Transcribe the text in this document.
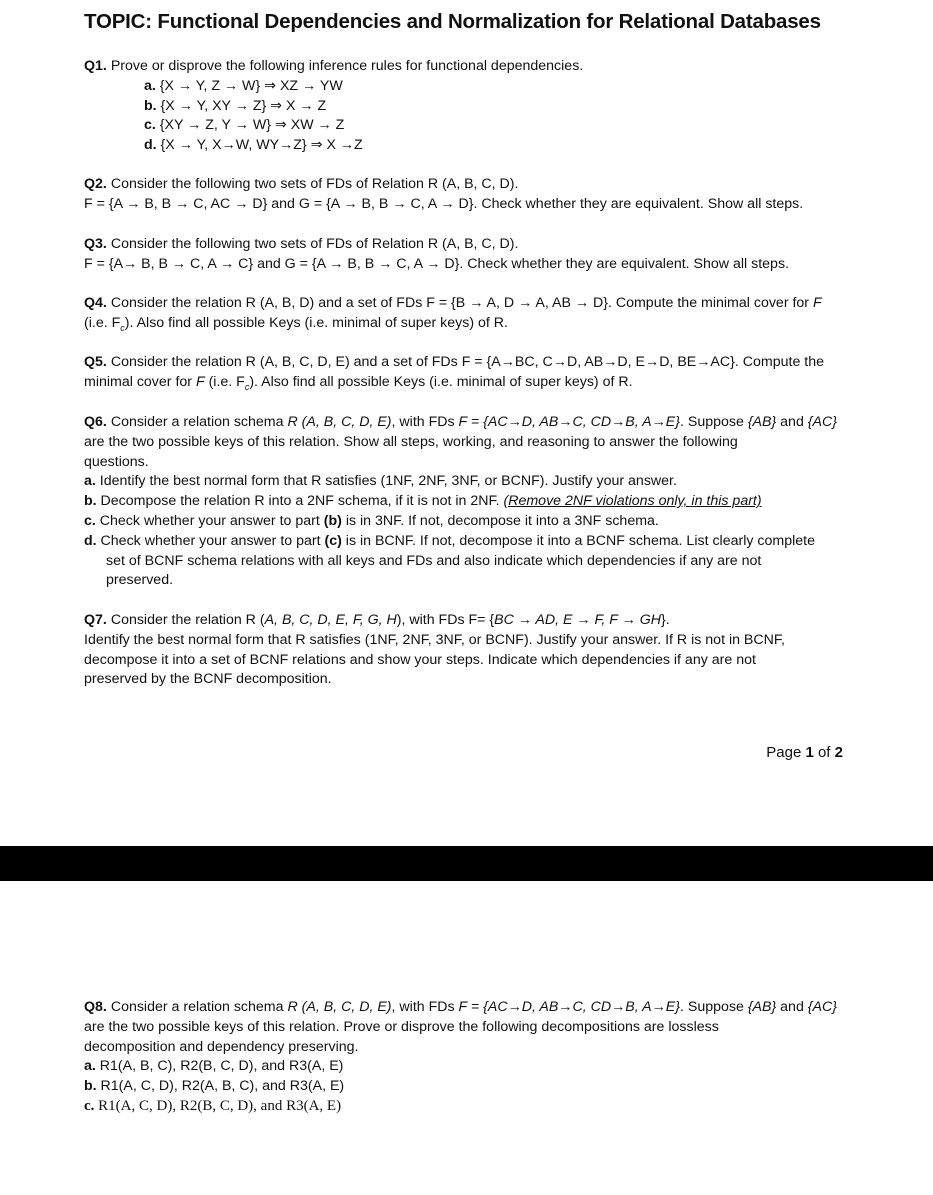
TOPIC: Functional Dependencies and Normalization for Relational Databases
Q1. Prove or disprove the following inference rules for functional dependencies.
a. {X → Y, Z → W} ⇒ XZ → YW
b. {X → Y, XY → Z} ⇒ X → Z
c. {XY → Z, Y → W} ⇒ XW → Z
d. {X → Y, X→W, WY→Z} ⇒ X →Z
Q2. Consider the following two sets of FDs of Relation R (A, B, C, D).
F = {A → B, B → C, AC → D} and G = {A → B, B → C, A → D}. Check whether they are equivalent. Show all steps.
Q3. Consider the following two sets of FDs of Relation R (A, B, C, D).
F = {A→ B, B → C, A → C} and G = {A → B, B → C, A → D}. Check whether they are equivalent. Show all steps.
Q4. Consider the relation R (A, B, D) and a set of FDs F = {B → A, D → A, AB → D}. Compute the minimal cover for F
(i.e. $F_c$). Also find all possible Keys (i.e. minimal of super keys) of R.
Q5. Consider the relation R (A, B, C, D, E) and a set of FDs F = {A→BC, C→D, AB→D, E→D, BE→AC}. Compute the
minimal cover for F (i.e. $F_c$). Also find all possible Keys (i.e. minimal of super keys) of R.
Q6. Consider a relation schema R (A, B, C, D, E), with FDs F = {AC→D, AB→C, CD→B, A→E}. Suppose {AB} and {AC}
are the two possible keys of this relation. Show all steps, working, and reasoning to answer the following
questions.
a. Identify the best normal form that R satisfies (1NF, 2NF, 3NF, or BCNF). Justify your answer.
b. Decompose the relation R into a 2NF schema, if it is not in 2NF. (Remove 2NF violations only, in this part)
c. Check whether your answer to part (b) is in 3NF. If not, decompose it into a 3NF schema.
d. Check whether your answer to part (c) is in BCNF. If not, decompose it into a BCNF schema. List clearly complete
set of BCNF schema relations with all keys and FDs and also indicate which dependencies if any are not
preserved.
Q7. Consider the relation R (A, B, C, D, E, F, G, H), with FDs F= {BC → AD, E → F, F → GH}.
Identify the best normal form that R satisfies (1NF, 2NF, 3NF, or BCNF). Justify your answer. If R is not in BCNF,
decompose it into a set of BCNF relations and show your steps. Indicate which dependencies if any are not
preserved by the BCNF decomposition.
Page 1 of 2
Q8. Consider a relation schema R (A, B, C, D, E), with FDs F = {AC→D, AB→C, CD→B, A→E}. Suppose {AB} and {AC}
are the two possible keys of this relation. Prove or disprove the following decompositions are lossless
decomposition and dependency preserving.
a. R1(A, B, C), R2(B, C, D), and R3(A, E)
b. R1(A, C, D), R2(A, B, C), and R3(A, E)
c. R1(A, C, D), R2(B, C, D), and R3(A, E)
